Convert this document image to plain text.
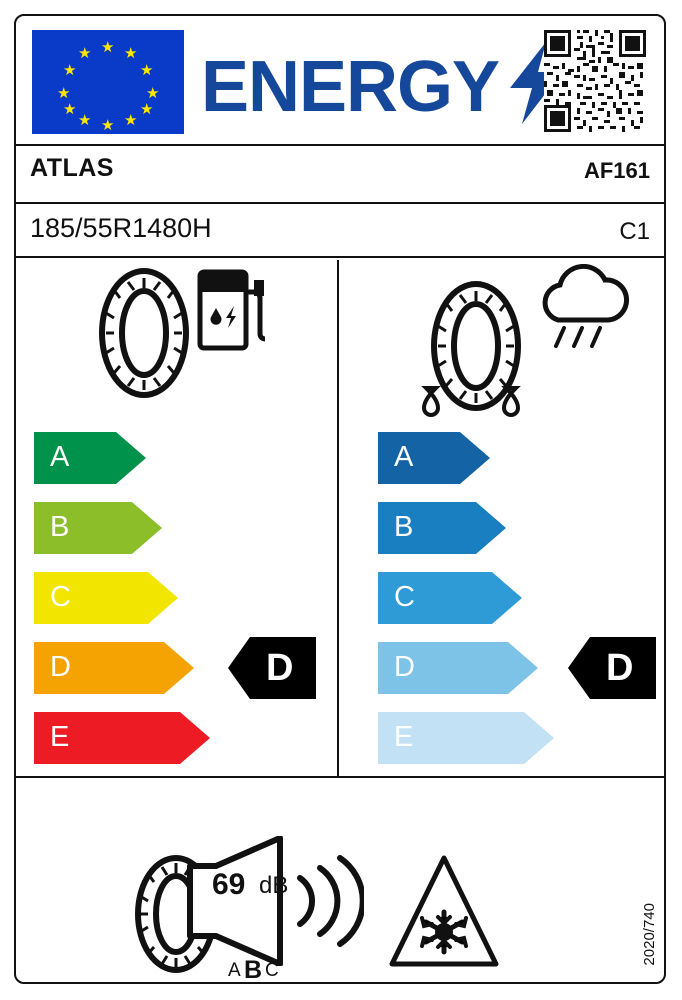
★ ★
★
★
★
★
★
★
★
★
★
★ ENERGY
ATLAS	AF161
185/55R1480H	C1
A
B
C
D
E
D
A
B
C
D
E
D
69 dB
A B C
2020/740
